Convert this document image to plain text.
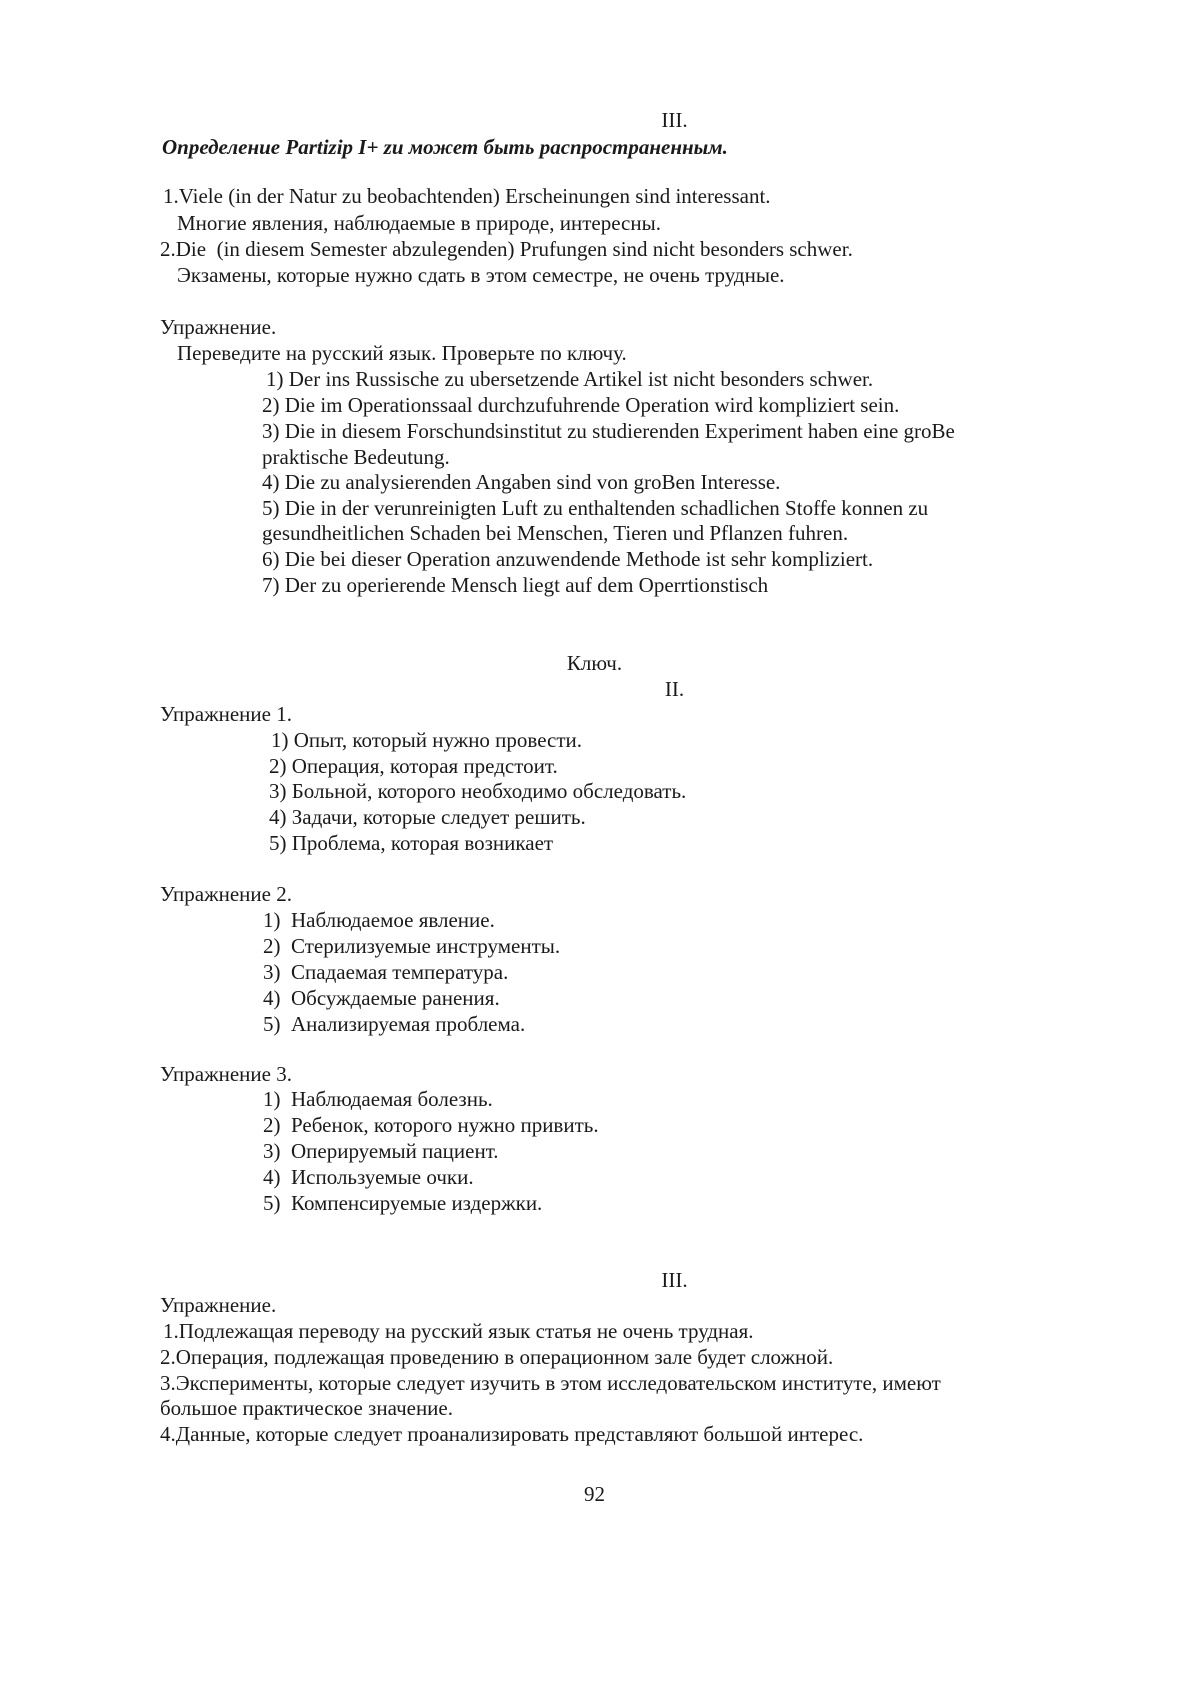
III.
Определение Partizip I+ zu может быть распространенным.
1.Viele (in der Natur zu beobachtenden) Erscheinungen sind interessant.
Многие явления, наблюдаемые в природе, интересны.
2.Die  (in diesem Semester abzulegenden) Prufungen sind nicht besonders schwer.
Экзамены, которые нужно сдать в этом семестре, не очень трудные.
Упражнение.
Переведите на русский язык. Проверьте по ключу.
1) Der ins Russische zu ubersetzende Artikel ist nicht besonders schwer.
2) Die im Operationssaal durchzufuhrende Operation wird kompliziert sein.
3) Die in diesem Forschundsinstitut zu studierenden Experiment haben eine groBe
praktische Bedeutung.
4) Die zu analysierenden Angaben sind von groBen Interesse.
5) Die in der verunreinigten Luft zu enthaltenden schadlichen Stoffe konnen zu
gesundheitlichen Schaden bei Menschen, Tieren und Pflanzen fuhren.
6) Die bei dieser Operation anzuwendende Methode ist sehr kompliziert.
7) Der zu operierende Mensch liegt auf dem Operrtionstisch
Ключ.
II.
Упражнение 1.
1) Опыт, который нужно провести.
2) Операция, которая предстоит.
3) Больной, которого необходимо обследовать.
4) Задачи, которые следует решить.
5) Проблема, которая возникает
Упражнение 2.
1) Наблюдаемое явление.
2) Стерилизуемые инструменты.
3) Спадаемая температура.
4) Обсуждаемые ранения.
5) Анализируемая проблема.
Упражнение 3.
1) Наблюдаемая болезнь.
2) Ребенок, которого нужно привить.
3) Оперируемый пациент.
4) Используемые очки.
5) Компенсируемые издержки.
III.
Упражнение.
1.Подлежащая переводу на русский язык статья не очень трудная.
2.Операция, подлежащая проведению в операционном зале будет сложной.
3.Эксперименты, которые следует изучить в этом исследовательском институте, имеют
большое практическое значение.
4.Данные, которые следует проанализировать представляют большой интерес.
92
